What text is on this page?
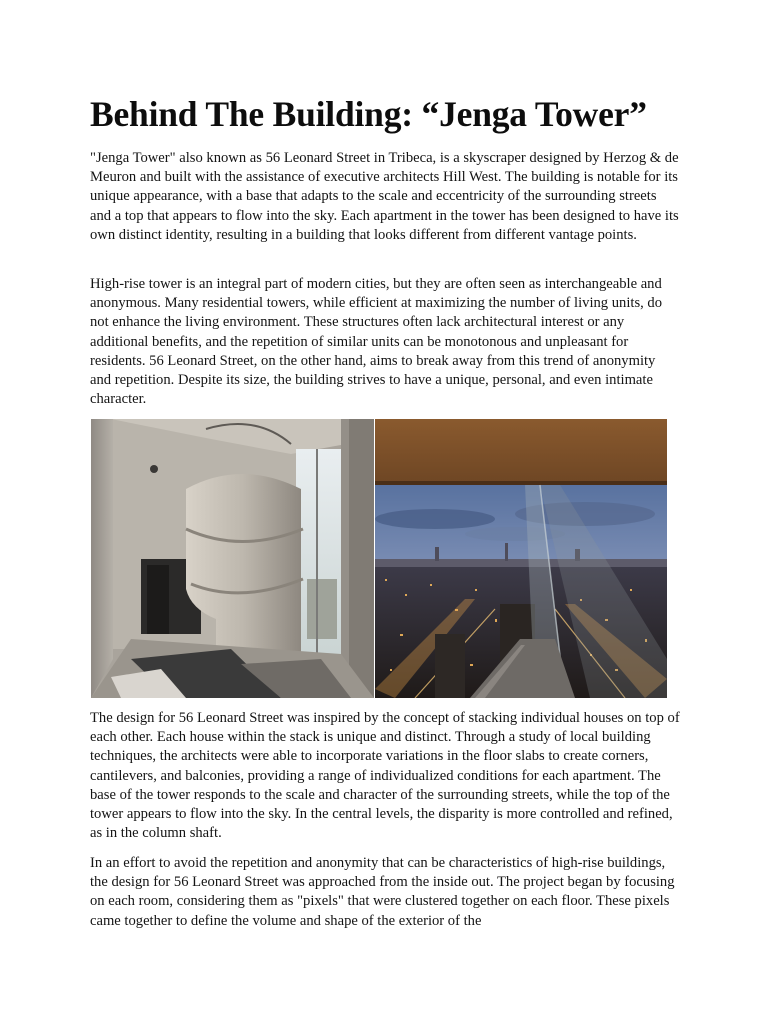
Behind The Building: “Jenga Tower”

"Jenga Tower" also known as 56 Leonard Street in Tribeca, is a skyscraper designed by Herzog & de Meuron and built with the assistance of executive architects Hill West. The building is notable for its unique appearance, with a base that adapts to the scale and eccentricity of the surrounding streets and a top that appears to flow into the sky. Each apartment in the tower has been designed to have its own distinct identity, resulting in a building that looks different from different vantage points.

High-rise tower is an integral part of modern cities, but they are often seen as interchangeable and anonymous. Many residential towers, while efficient at maximizing the number of living units, do not enhance the living environment. These structures often lack architectural interest or any additional benefits, and the repetition of similar units can be monotonous and unpleasant for residents. 56 Leonard Street, on the other hand, aims to break away from this trend of anonymity and repetition. Despite its size, the building strives to have a unique, personal, and even intimate character.

The design for 56 Leonard Street was inspired by the concept of stacking individual houses on top of each other. Each house within the stack is unique and distinct. Through a study of local building techniques, the architects were able to incorporate variations in the floor slabs to create corners, cantilevers, and balconies, providing a range of individualized conditions for each apartment. The base of the tower responds to the scale and character of the surrounding streets, while the top of the tower appears to flow into the sky. In the central levels, the disparity is more controlled and refined, as in the column shaft.

In an effort to avoid the repetition and anonymity that can be characteristics of high-rise buildings, the design for 56 Leonard Street was approached from the inside out. The project began by focusing on each room, considering them as "pixels" that were clustered together on each floor. These pixels came together to define the volume and shape of the exterior of the
